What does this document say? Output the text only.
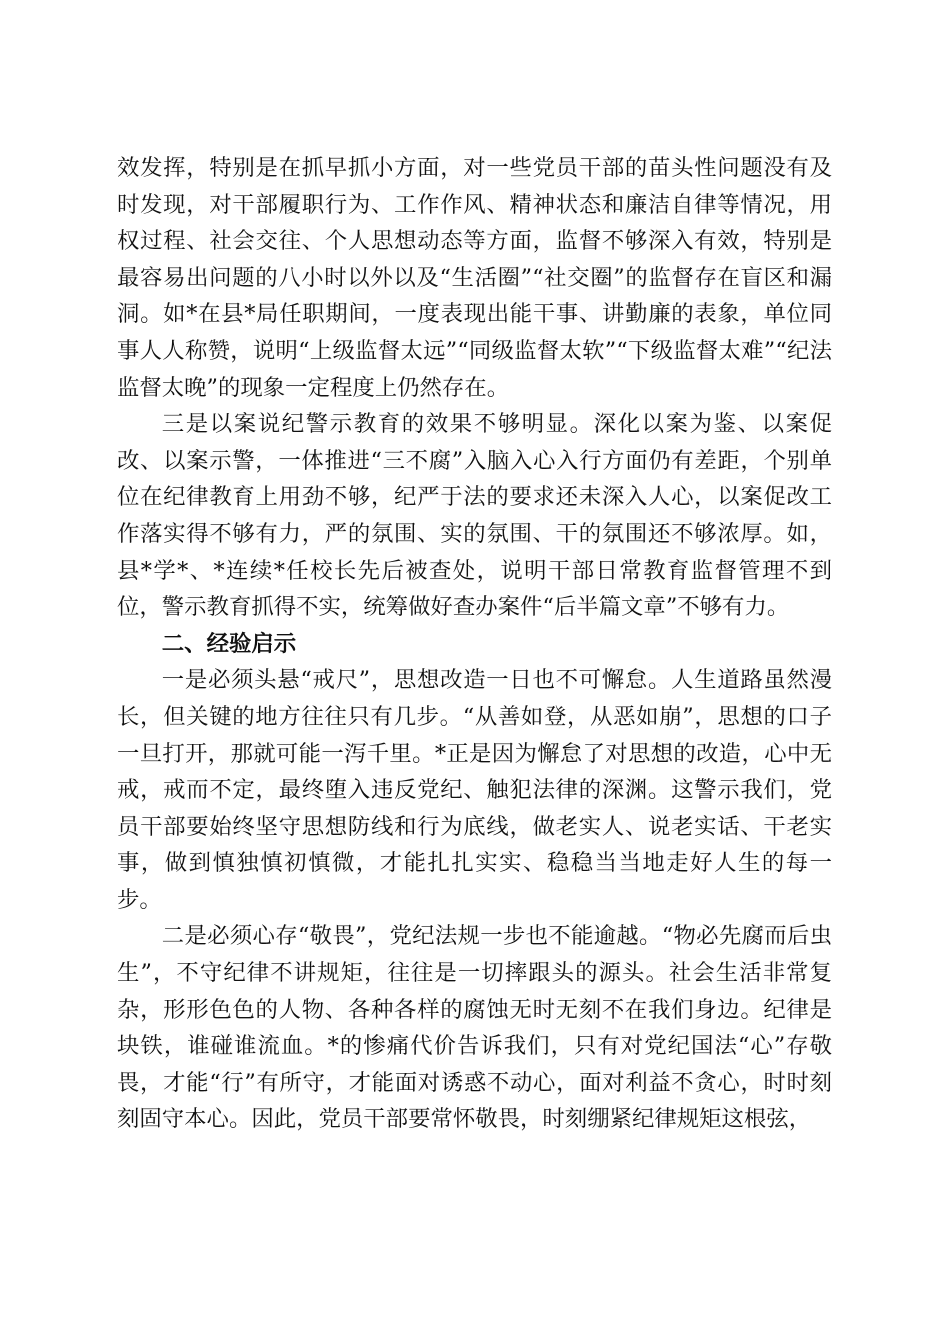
效发挥，特别是在抓早抓小方面，对一些党员干部的苗头性问题没有及时发现，对干部履职行为、工作作风、精神状态和廉洁自律等情况，用权过程、社会交往、个人思想动态等方面，监督不够深入有效，特别是最容易出问题的八小时以外以及“生活圈”“社交圈”的监督存在盲区和漏洞。如*在县*局任职期间，一度表现出能干事、讲勤廉的表象，单位同事人人称赞，说明“上级监督太远”“同级监督太软”“下级监督太难”“纪法监督太晚”的现象一定程度上仍然存在。

三是以案说纪警示教育的效果不够明显。深化以案为鉴、以案促改、以案示警，一体推进“三不腐”入脑入心入行方面仍有差距，个别单位在纪律教育上用劲不够，纪严于法的要求还未深入人心，以案促改工作落实得不够有力，严的氛围、实的氛围、干的氛围还不够浓厚。如，县*学*、*连续*任校长先后被查处，说明干部日常教育监督管理不到位，警示教育抓得不实，统筹做好查办案件“后半篇文章”不够有力。

二、经验启示

一是必须头悬“戒尺”，思想改造一日也不可懈怠。人生道路虽然漫长，但关键的地方往往只有几步。“从善如登，从恶如崩”，思想的口子一旦打开，那就可能一泻千里。*正是因为懈怠了对思想的改造，心中无戒，戒而不定，最终堕入违反党纪、触犯法律的深渊。这警示我们，党员干部要始终坚守思想防线和行为底线，做老实人、说老实话、干老实事，做到慎独慎初慎微，才能扎扎实实、稳稳当当地走好人生的每一步。

二是必须心存“敬畏”，党纪法规一步也不能逾越。“物必先腐而后虫生”，不守纪律不讲规矩，往往是一切摔跟头的源头。社会生活非常复杂，形形色色的人物、各种各样的腐蚀无时无刻不在我们身边。纪律是块铁，谁碰谁流血。*的惨痛代价告诉我们，只有对党纪国法“心”存敬畏，才能“行”有所守，才能面对诱惑不动心，面对利益不贪心，时时刻刻固守本心。因此，党员干部要常怀敬畏，时刻绷紧纪律规矩这根弦，
